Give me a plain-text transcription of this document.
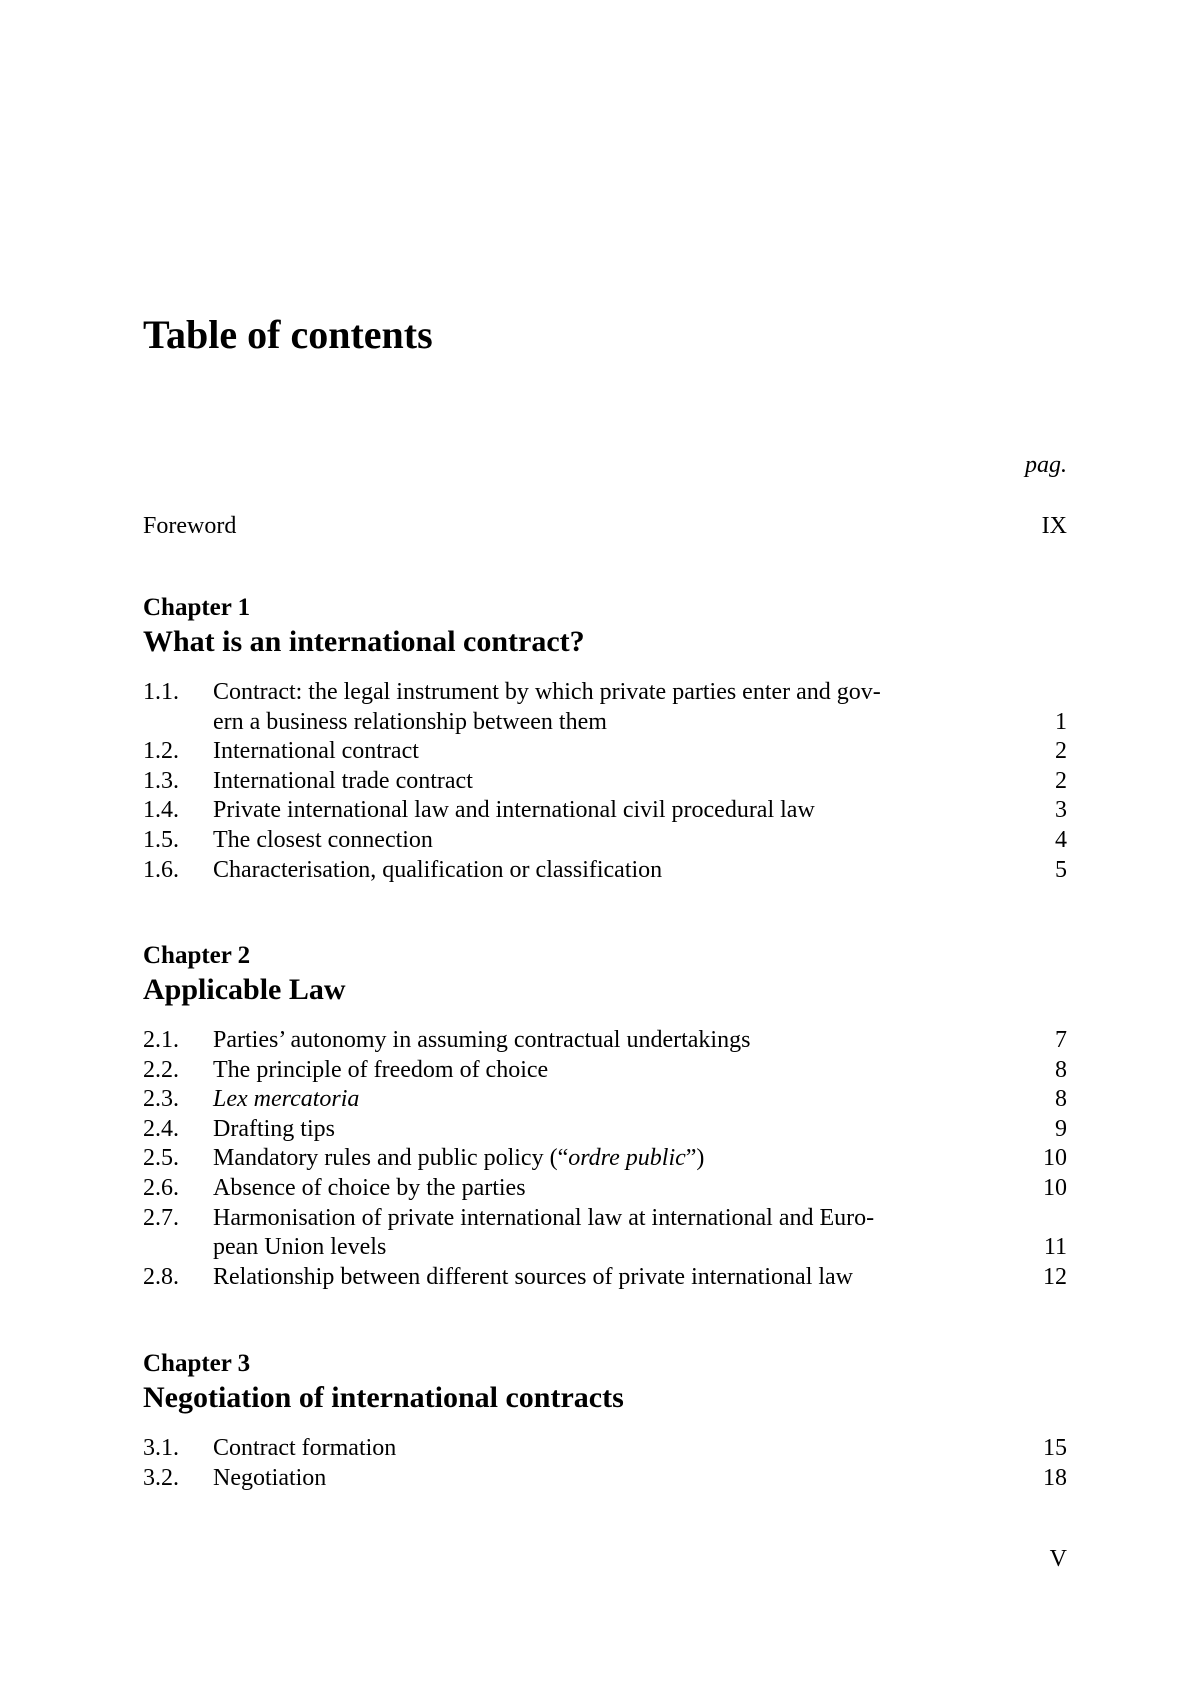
Table of contents
pag.
Foreword	IX
Chapter 1
What is an international contract?
1.1.	Contract: the legal instrument by which private parties enter and gov-
ern a business relationship between them	1
1.2.	International contract	2
1.3.	International trade contract	2
1.4.	Private international law and international civil procedural law	3
1.5.	The closest connection	4
1.6.	Characterisation, qualification or classification	5
Chapter 2
Applicable Law
2.1.	Parties’ autonomy in assuming contractual undertakings	7
2.2.	The principle of freedom of choice	8
2.3.	Lex mercatoria	8
2.4.	Drafting tips	9
2.5.	Mandatory rules and public policy (“ordre public”)	10
2.6.	Absence of choice by the parties	10
2.7.	Harmonisation of private international law at international and Euro-
pean Union levels	11
2.8.	Relationship between different sources of private international law	12
Chapter 3
Negotiation of international contracts
3.1.	Contract formation	15
3.2.	Negotiation	18
V
